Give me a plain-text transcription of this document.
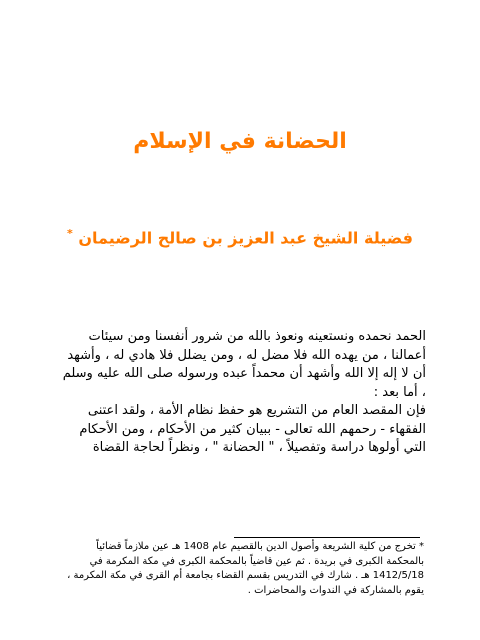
الحضانة في الإسلام
فضيلة الشيخ عبد العزيز بن صالح الرضيمان *

الحمد نحمده ونستعينه ونعوذ بالله من شرور أنفسنا ومن سيئات أعمالنا ، من يهده الله فلا مضل له ، ومن يضلل فلا هادي له ، وأشهد أن لا إله إلا الله وأشهد أن محمداً عبده ورسوله صلى الله عليه وسلم ، أما بعد :

فإن المقصد العام من التشريع هو حفظ نظام الأمة ، ولقد اعتنى الفقهاء - رحمهم الله تعالى - ببيان كثير من الأحكام ، ومن الأحكام التي أولوها دراسة وتفصيلاً ، " الحضانة " ، ونظراً لحاجة القضاة

* تخرج من كلية الشريعة وأصول الدين بالقصيم عام 1408 هـ عين ملازماً قضائياً بالمحكمة الكبرى في بريدة . ثم عين قاضياً بالمحكمة الكبرى في مكة المكرمة في 1412/5/18 هـ . شارك في التدريس بقسم القضاء بجامعة أم القرى في مكة المكرمة ، يقوم بالمشاركة في الندوات والمحاضرات .
